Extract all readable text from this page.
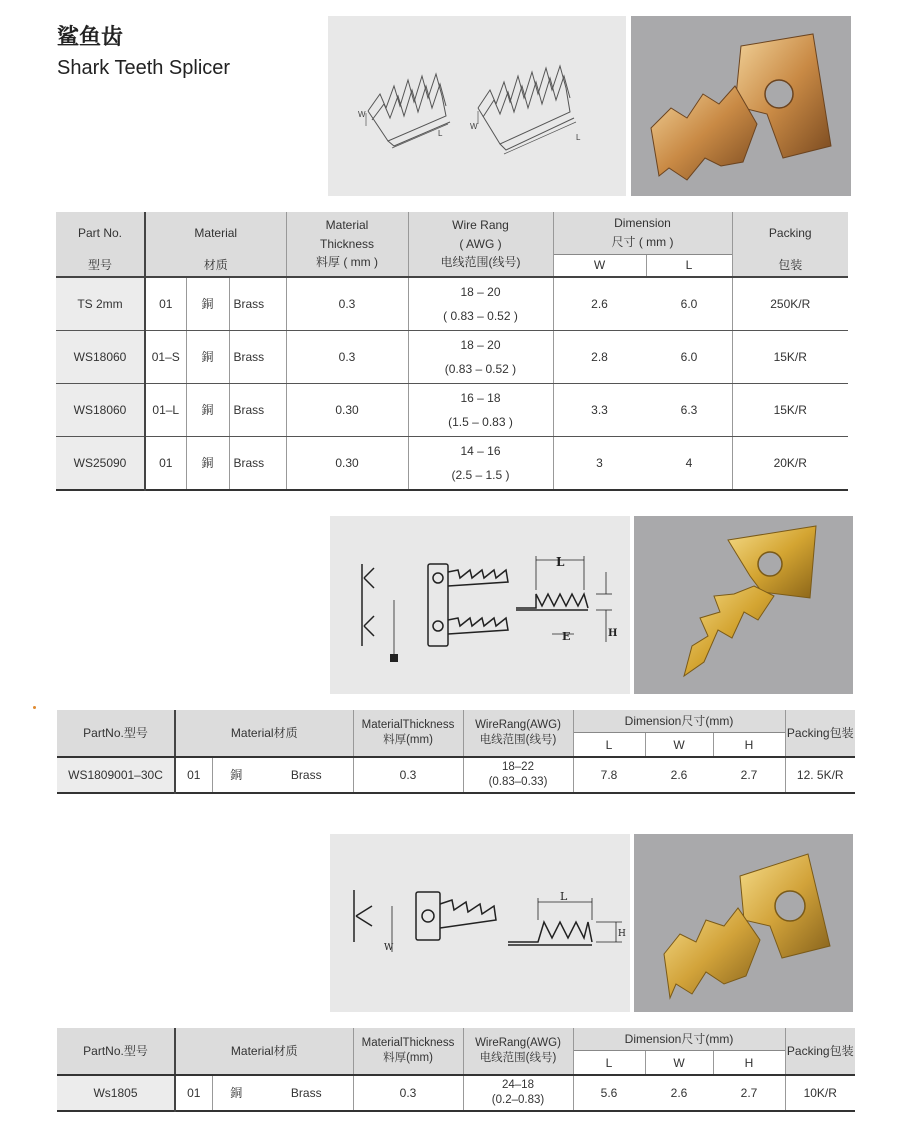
鲨鱼齿
Shark Teeth Splicer
W
L
W
L
Part No.	Material			Material
Thickness
料厚 ( mm )	Wire Rang
( AWG )
电线范围(线号)	Dimension
尺寸 ( mm )		Packing
型号	材质					W	L	包装
TS 2mm	01	銅	Brass	0.3	18 – 20
( 0.83 – 0.52 )	2.6	6.0	250K/R
WS18060	01–S	銅	Brass	0.3	18 – 20
(0.83 – 0.52 )	2.8	6.0	15K/R
WS18060	01–L	銅	Brass	0.30	16 – 18
(1.5 – 0.83 )	3.3	6.3	15K/R
WS25090	01	銅	Brass	0.30	14 – 16
(2.5 – 1.5 )	3	4	20K/R
L
H
E
PartNo.型号	Material材质			MaterialThickness
料厚(mm)	WireRang(AWG)
电线范围(线号)	Dimension尺寸(mm)			Packing包装
						L	W	H	
WS1809001–30C	01	銅	Brass	0.3	18–22
(0.83–0.33)	7.8	2.6	2.7	12. 5K/R
L
H
W
PartNo.型号	Material材质			MaterialThickness
料厚(mm)	WireRang(AWG)
电线范围(线号)	Dimension尺寸(mm)			Packing包装
						L	W	H	
Ws1805	01	銅	Brass	0.3	24–18
(0.2–0.83)	5.6	2.6	2.7	10K/R
